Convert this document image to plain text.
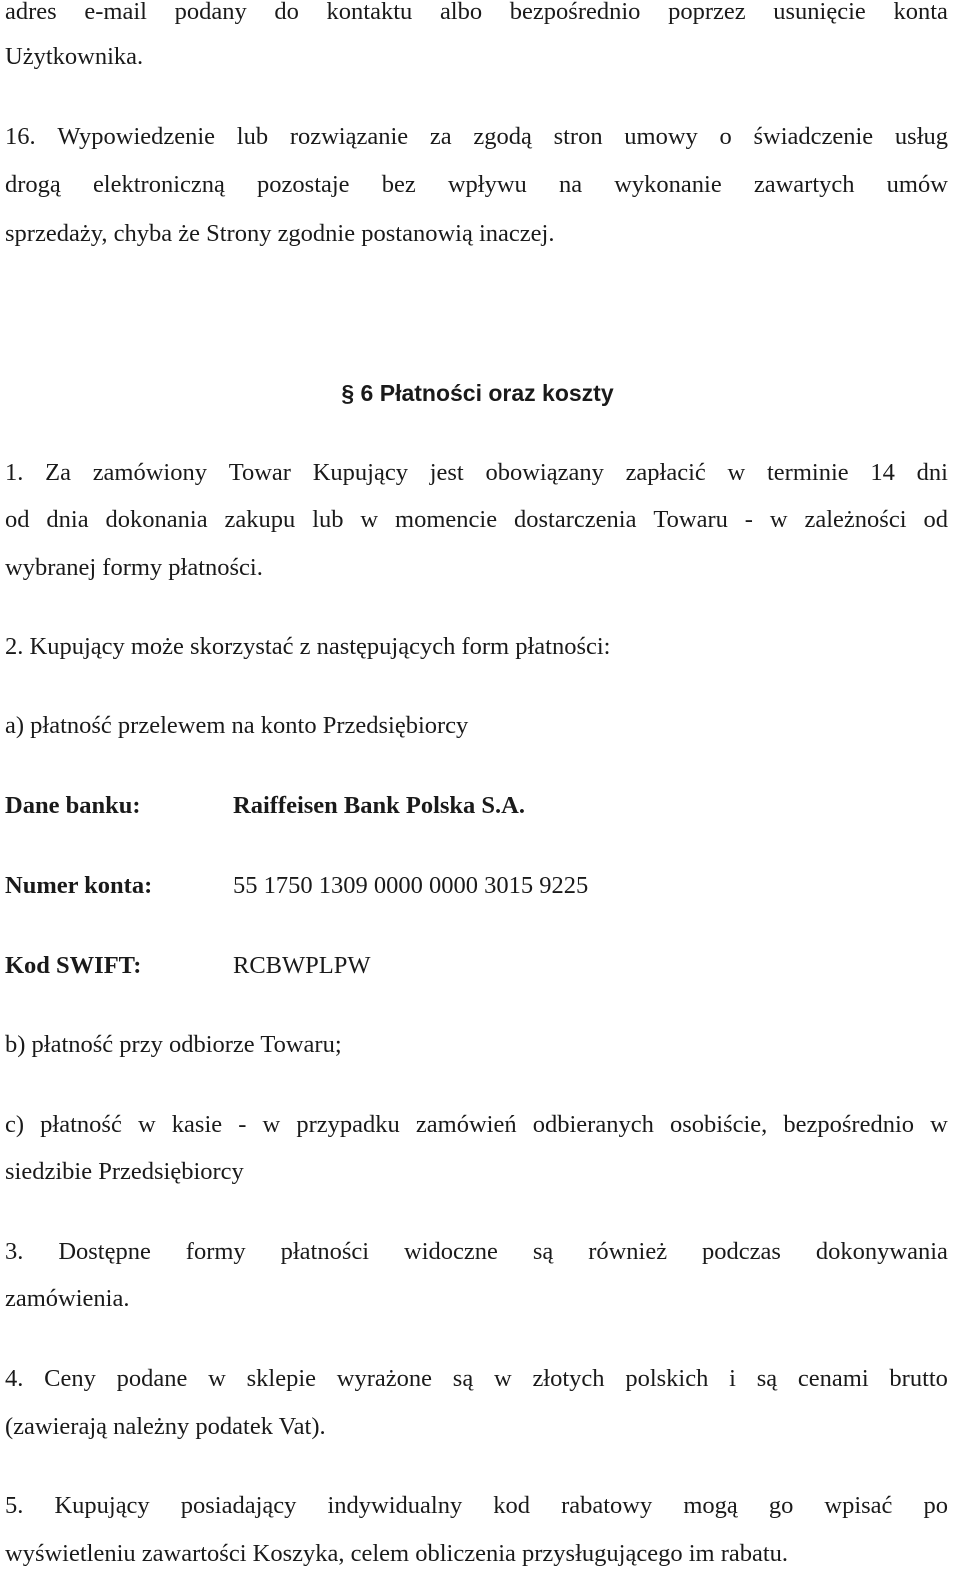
adres e-mail podany do kontaktu albo bezpośrednio poprzez usunięcie konta
Użytkownika.
16. Wypowiedzenie lub rozwiązanie za zgodą stron umowy o świadczenie usług
drogą elektroniczną pozostaje bez wpływu na wykonanie zawartych umów
sprzedaży, chyba że Strony zgodnie postanowią inaczej.
§ 6 Płatności oraz koszty
1. Za zamówiony Towar Kupujący jest obowiązany zapłacić w terminie 14 dni
od dnia dokonania zakupu lub w momencie dostarczenia Towaru - w zależności od
wybranej formy płatności.
2. Kupujący może skorzystać z następujących form płatności:
a) płatność przelewem na konto Przedsiębiorcy
Dane banku:	Raiffeisen Bank Polska S.A.
Numer konta:	55 1750 1309 0000 0000 3015 9225
Kod SWIFT:	RCBWPLPW
b) płatność przy odbiorze Towaru;
c) płatność w kasie - w przypadku zamówień odbieranych osobiście, bezpośrednio w
siedzibie Przedsiębiorcy
3. Dostępne formy płatności widoczne są również podczas dokonywania
zamówienia.
4. Ceny podane w sklepie wyrażone są w złotych polskich i są cenami brutto
(zawierają należny podatek Vat).
5. Kupujący posiadający indywidualny kod rabatowy mogą go wpisać po
wyświetleniu zawartości Koszyka, celem obliczenia przysługującego im rabatu.
